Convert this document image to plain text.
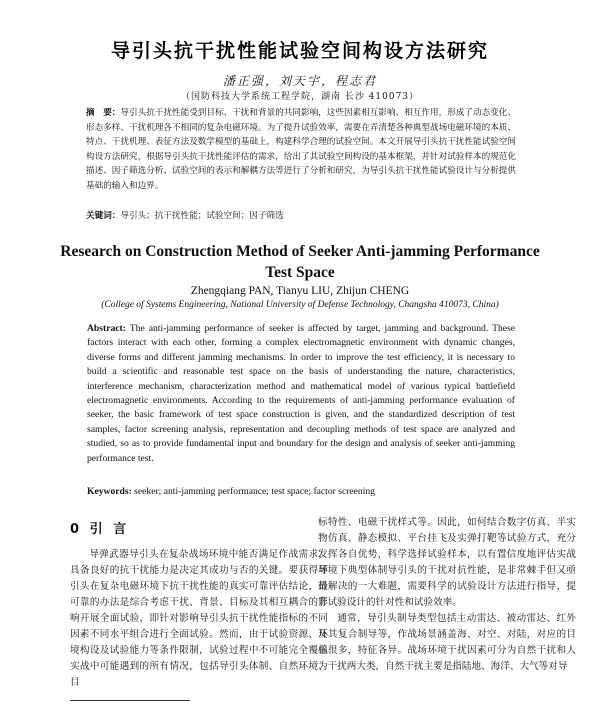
导引头抗干扰性能试验空间构设方法研究
潘正强，刘天宇，程志君
（国防科技大学系统工程学院，湖南 长沙 410073）
摘　要：导引头抗干扰性能受到目标、干扰和背景的共同影响，这些因素相互影响、相互作用，形成了动态变化、形态多样、干扰机理各不相同的复杂电磁环境。为了提升试验效率，需要在弄清楚各种典型战场电磁环境的本质、特点、干扰机理、表征方法及数学模型的基础上，构建科学合理的试验空间。本文开展导引头抗干扰性能试验空间构设方法研究，根据导引头抗干扰性能评估的需求，给出了其试验空间构设的基本框架，并针对试验样本的规范化描述、因子筛选分析、试验空间的表示和解耦方法等进行了分析和研究，为导引头抗干扰性能试验设计与分析提供基础的输入和边界。
关键词：导引头；抗干扰性能；试验空间；因子筛选
Research on Construction Method of Seeker Anti-jamming Performance Test Space
Zhengqiang PAN, Tianyu LIU, Zhijun CHENG
(College of Systems Engineering, National University of Defense Technology, Changsha 410073, China)
Abstract: The anti-jamming performance of seeker is affected by target, jamming and background. These factors interact with each other, forming a complex electromagnetic environment with dynamic changes, diverse forms and different jamming mechanisms. In order to improve the test efficiency, it is necessary to build a scientific and reasonable test space on the basis of understanding the nature, characteristics, interference mechanism, characterization method and mathematical model of various typical battlefield electromagnetic environments. According to the requirements of anti-jamming performance evaluation of seeker, the basic framework of test space construction is given, and the standardized description of test samples, factor screening analysis, representation and decoupling methods of test space are analyzed and studied, so as to provide fundamental input and boundary for the design and analysis of seeker anti-jamming performance test.
Keywords: seeker; anti-jamming performance; test space; factor screening
0 引 言

导弹武器导引头在复杂战场环境中能否满足作战需求，具备良好的抗干扰能力是决定其成功与否的关键。要获得导引头在复杂电磁环境下抗干扰性能的真实可靠评估结论，最可靠的办法是综合考虑干扰、背景、目标及其相互耦合的影响开展全面试验，即针对影响导引头抗干扰性能指标的不同因素不同水平组合进行全面试验。然而，由于试验资源、环境构设及试验能力等条件限制，试验过程中不可能完全覆盖实战中可能遇到的所有情况，包括导引头体制、自然环境、目

标特性、电磁干扰样式等。因此，如何结合数字仿真、半实物仿真、静态模拟、平台挂飞及实弹打靶等试验方式，充分发挥各自优势，科学选择试验样本，以有置信度地评估实战环境下典型体制导引头的干扰对抗性能，是非常棘手但又亟待解决的一大难题，需要科学的试验设计方法进行指导，提升试验设计的针对性和试验效率。

通常，导引头制导类型包括主动雷达、被动雷达、红外及其复合制导等，作战场景涵盖海、对空、对陆，对应的目标很多，特征各异。战场环境干扰因素可分为自然干扰和人为干扰两大类，自然干扰主要是指陆地、海洋、大气等对导
